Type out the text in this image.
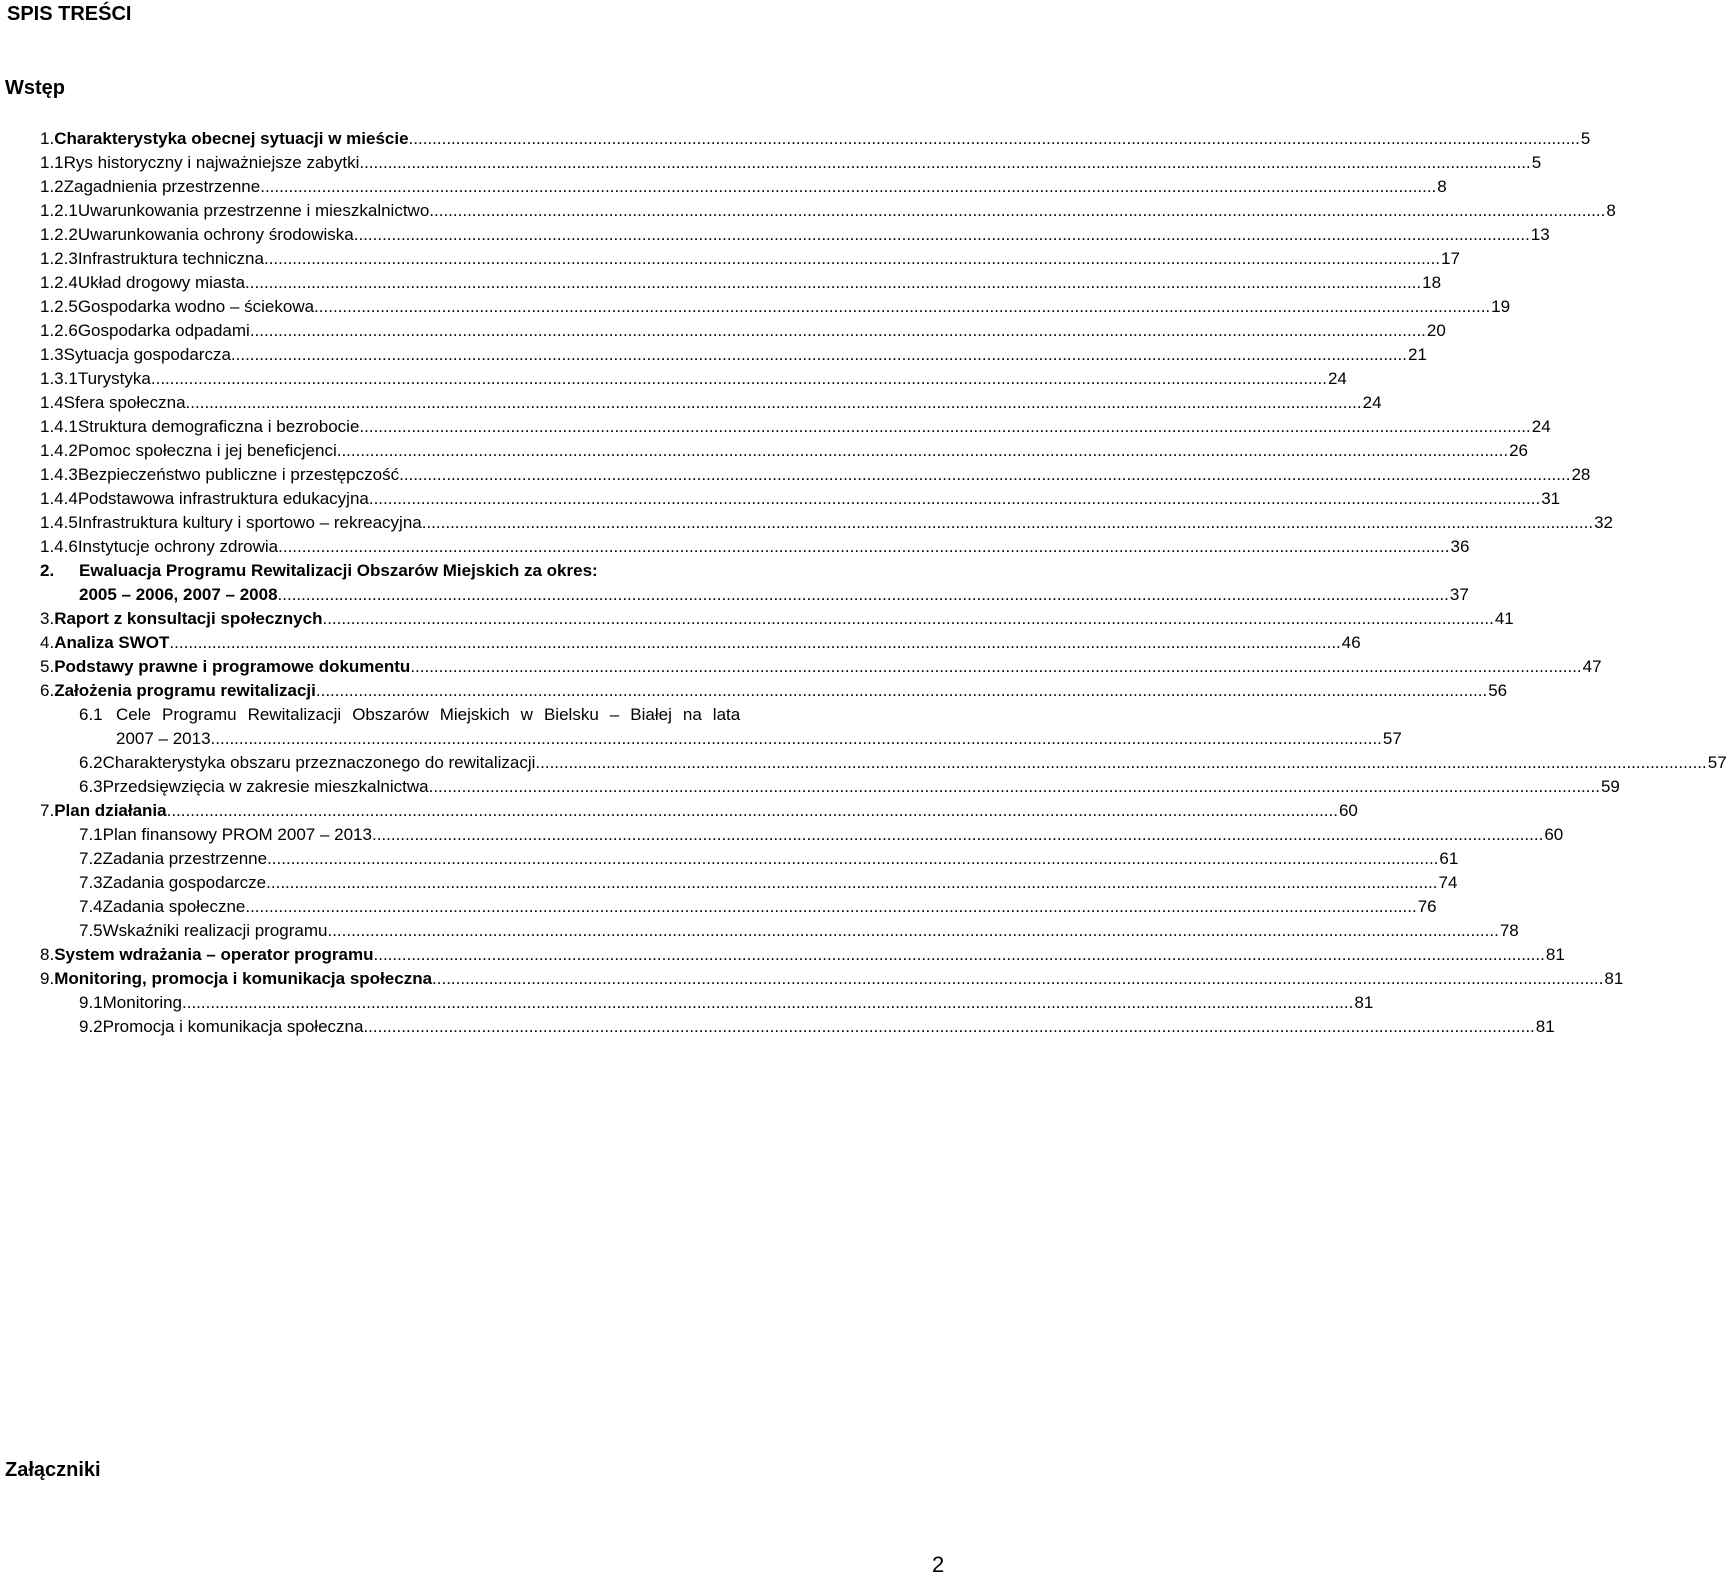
SPIS TREŚCI
Wstęp
1. Charakterystyka obecnej sytuacji w mieście .....	5
1.1 Rys historyczny i najważniejsze zabytki .....	5
1.2 Zagadnienia przestrzenne. .....	8
1.2.1 Uwarunkowania przestrzenne i mieszkalnictwo. .....	8
1.2.2 Uwarunkowania ochrony środowiska. .....	13
1.2.3 Infrastruktura techniczna. .....	17
1.2.4 Układ drogowy miasta. .....	18
1.2.5 Gospodarka wodno – ściekowa. .....	19
1.2.6 Gospodarka odpadami. .....	20
1.3 Sytuacja gospodarcza. .....	21
1.3.1 Turystyka. .....	24
1.4 Sfera społeczna. .....	24
1.4.1 Struktura demograficzna i bezrobocie .....	24
1.4.2 Pomoc społeczna i jej beneficjenci .....	26
1.4.3 Bezpieczeństwo publiczne i przestępczość .....	28
1.4.4 Podstawowa infrastruktura edukacyjna .....	31
1.4.5 Infrastruktura kultury i sportowo – rekreacyjna .....	32
1.4.6 Instytucje ochrony zdrowia .....	36
2.	Ewaluacja Programu Rewitalizacji Obszarów Miejskich za okres:
2005 – 2006, 2007 – 2008 .....	37
3. Raport z konsultacji społecznych .....	41
4. Analiza SWOT .....	46
5. Podstawy prawne i programowe dokumentu .....	47
6. Założenia programu rewitalizacji .....	56
6.1 Cele Programu Rewitalizacji Obszarów Miejskich w Bielsku – Białej na lata
2007 – 2013 .....	57
6.2 Charakterystyka obszaru przeznaczonego do rewitalizacji .....	57
6.3 Przedsięwzięcia w zakresie mieszkalnictwa .....	59
7. Plan działania .....	60
7.1 Plan finansowy PROM 2007 – 2013 .....	60
7.2 Zadania przestrzenne .....	61
7.3 Zadania gospodarcze .....	74
7.4 Zadania społeczne .....	76
7.5 Wskaźniki realizacji programu .....	78
8. System wdrażania – operator programu .....	81
9. Monitoring, promocja i komunikacja społeczna .....	81
9.1 Monitoring .....	81
9.2 Promocja i komunikacja społeczna .....	81
Załączniki
2
